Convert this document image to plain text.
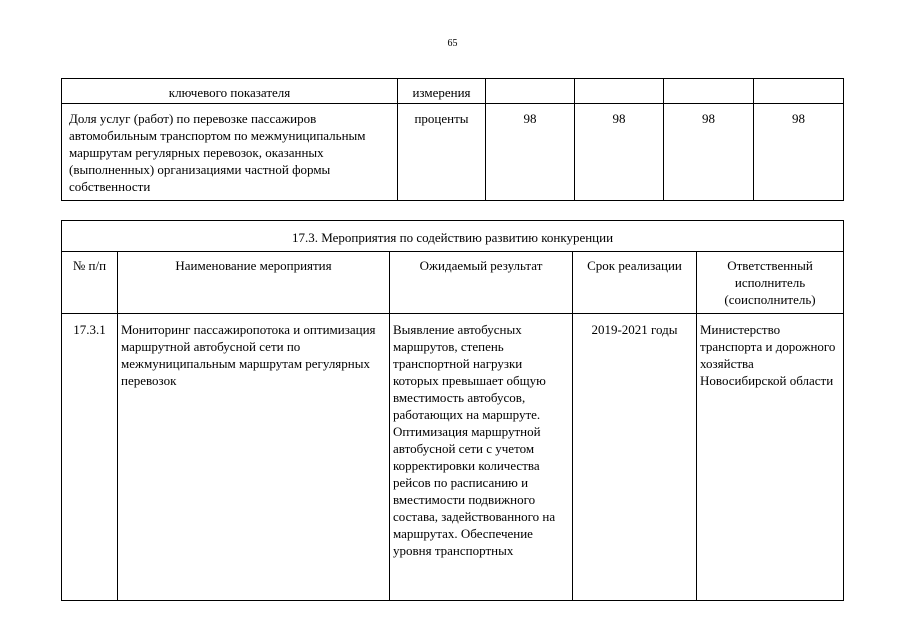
65
ключевого показателя	измерения				
Доля услуг (работ) по перевозке пассажиров автомобильным транспортом по межмуниципальным маршрутам регулярных перевозок, оказанных (выполненных) организациями частной формы собственности	проценты	98	98	98	98
17.3. Мероприятия по содействию развитию конкуренции				
№ п/п	Наименование мероприятия	Ожидаемый результат	Срок реализации	Ответственный исполнитель (соисполнитель)
17.3.1	Мониторинг пассажиропотока и оптимизация маршрутной автобусной сети по межмуниципальным маршрутам регулярных перевозок	Выявление автобусных маршрутов, степень транспортной нагрузки которых превышает общую вместимость автобусов, работающих на маршруте. Оптимизация маршрутной автобусной сети с учетом корректировки количества рейсов по расписанию и вместимости подвижного состава, задействованного на маршрутах. Обеспечение уровня транспортных	2019-2021 годы	Министерство транспорта и дорожного хозяйства Новосибирской области
